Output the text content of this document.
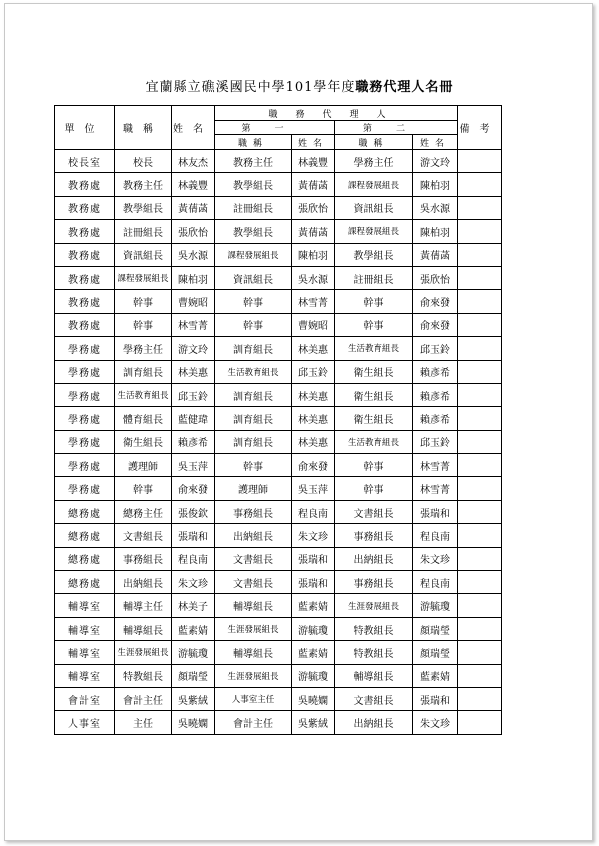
宜蘭縣立礁溪國民中學101學年度職務代理人名冊
單位	職稱	姓名	職務代理人				備考
			第一		第二		
			職稱	姓名	職稱	姓名	
校長室	校長	林友杰	教務主任	林義豐	學務主任	游文玲	
教務處	教務主任	林義豐	教學組長	黃蒨菡	課程發展組長	陳柏羽	
教務處	教學組長	黃蒨菡	註冊組長	張欣怡	資訊組長	吳水源	
教務處	註冊組長	張欣怡	教學組長	黃蒨菡	課程發展組長	陳柏羽	
教務處	資訊組長	吳水源	課程發展組長	陳柏羽	教學組長	黃蒨菡	
教務處	課程發展組長	陳柏羽	資訊組長	吳水源	註冊組長	張欣怡	
教務處	幹事	曹婉昭	幹事	林雪菁	幹事	俞來發	
教務處	幹事	林雪菁	幹事	曹婉昭	幹事	俞來發	
學務處	學務主任	游文玲	訓育組長	林美惠	生活教育組長	邱玉鈴	
學務處	訓育組長	林美惠	生活教育組長	邱玉鈴	衛生組長	賴彥希	
學務處	生活教育組長	邱玉鈴	訓育組長	林美惠	衛生組長	賴彥希	
學務處	體育組長	藍健瑋	訓育組長	林美惠	衛生組長	賴彥希	
學務處	衛生組長	賴彥希	訓育組長	林美惠	生活教育組長	邱玉鈴	
學務處	護理師	吳玉萍	幹事	俞來發	幹事	林雪菁	
學務處	幹事	俞來發	護理師	吳玉萍	幹事	林雪菁	
總務處	總務主任	張俊欽	事務組長	程良南	文書組長	張瑞和	
總務處	文書組長	張瑞和	出納組長	朱文珍	事務組長	程良南	
總務處	事務組長	程良南	文書組長	張瑞和	出納組長	朱文珍	
總務處	出納組長	朱文珍	文書組長	張瑞和	事務組長	程良南	
輔導室	輔導主任	林美子	輔導組長	藍素婧	生涯發展組長	游毓瓊	
輔導室	輔導組長	藍素婧	生涯發展組長	游毓瓊	特教組長	顏瑞瑩	
輔導室	生涯發展組長	游毓瓊	輔導組長	藍素婧	特教組長	顏瑞瑩	
輔導室	特教組長	顏瑞瑩	生涯發展組長	游毓瓊	輔導組長	藍素婧	
會計室	會計主任	吳紫絨	人事室主任	吳曉嫻	文書組長	張瑞和	
人事室	主任	吳曉嫻	會計主任	吳紫絨	出納組長	朱文珍	
